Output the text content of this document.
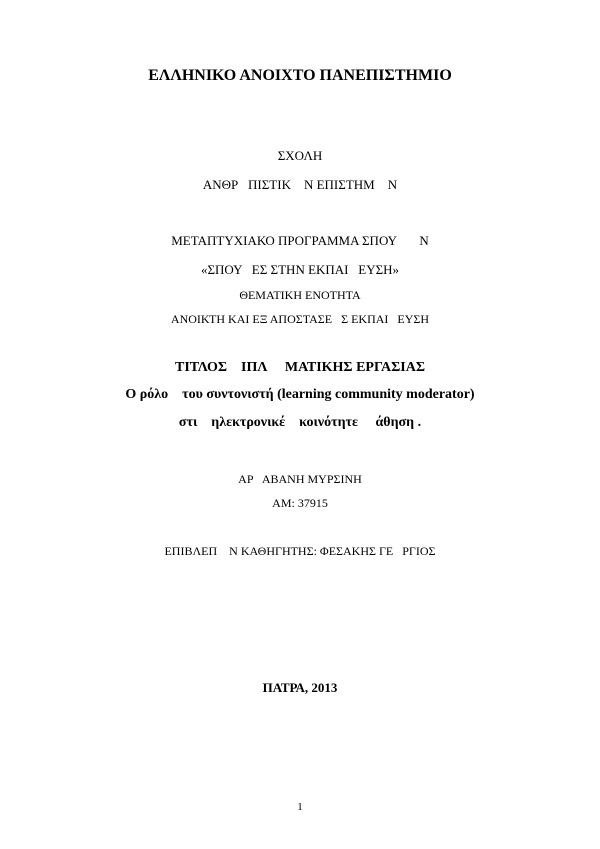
ΕΛΛΗΝΙΚΟ ΑΝΟΙΧΤΟ ΠΑΝΕΠΙΣΤΗΜΙΟ
ΣΧΟΛΗ
ΑΝΘΡ   ΠΙΣΤΙΚ    Ν ΕΠΙΣΤΗΜ    Ν
ΜΕΤΑΠΤΥΧΙΑΚΟ ΠΡΟΓΡΑΜΜΑ ΣΠΟΥ       Ν
«ΣΠΟΥ   ΕΣ ΣΤΗΝ ΕΚΠΑΙ   ΕΥΣΗ»
ΘΕΜΑΤΙΚΗ ΕΝΟΤΗΤΑ
ΑΝΟΙΚΤΗ ΚΑΙ ΕΞ ΑΠΟΣΤΑΣΕ   Σ ΕΚΠΑΙ   ΕΥΣΗ
ΤΙΤΛΟΣ    ΙΠΛ     ΜΑΤΙΚΗΣ ΕΡΓΑΣΙΑΣ
Ο ρόλο    του συντονιστή (learning community moderator)
στι    ηλεκτρονικέ    κοινότητε     άθηση .
ΑΡ   ΑΒΑΝΗ ΜΥΡΣΙΝΗ
ΑΜ: 37915
ΕΠΙΒΛΕΠ    Ν ΚΑΘΗΓΗΤΗΣ: ΦΕΣΑΚΗΣ ΓΕ   ΡΓΙΟΣ
ΠΑΤΡΑ, 2013
1
